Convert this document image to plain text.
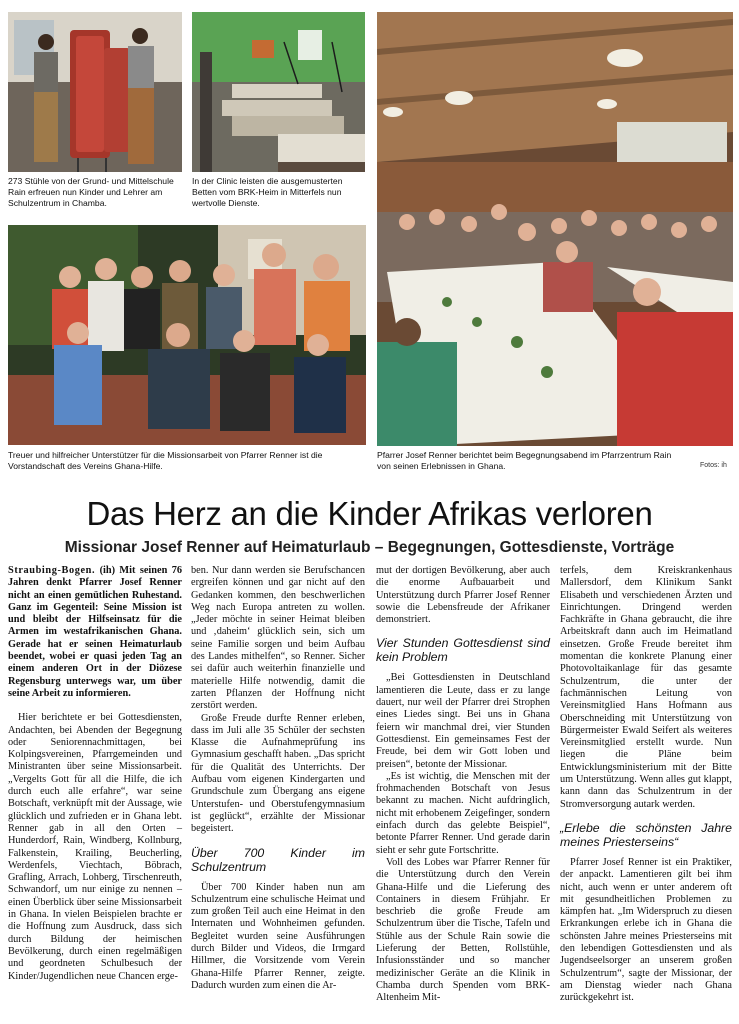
273 Stühle von der Grund- und Mittelschule Rain erfreuen nun Kinder und Lehrer am Schulzentrum in Chamba.
In der Clinic leisten die ausgemusterten Betten vom BRK-Heim in Mitterfels nun wertvolle Dienste.
Treuer und hilfreicher Unterstützer für die Missionsarbeit von Pfarrer Renner ist die Vorstandschaft des Vereins Ghana-Hilfe.
Pfarrer Josef Renner berichtet beim Begegnungsabend im Pfarrzentrum Rain von seinen Erlebnissen in Ghana.	Fotos: ih
Das Herz an die Kinder Afrikas verloren
Missionar Josef Renner auf Heimaturlaub – Begegnungen, Gottesdienste, Vorträge

Straubing-Bogen. (ih) Mit seinen 76 Jahren denkt Pfarrer Josef Renner nicht an einen gemütlichen Ruhestand. Ganz im Gegenteil: Seine Mission ist und bleibt der Hilfseinsatz für die Armen im westafrikanischen Ghana. Gerade hat er seinen Heimaturlaub beendet, wobei er quasi jeden Tag an einem anderen Ort in der Diözese Regensburg unterwegs war, um über seine Arbeit zu informieren.

Hier berichtete er bei Gottesdiensten, Andachten, bei Abenden der Begegnung oder Seniorennachmittagen, bei Kolpingsvereinen, Pfarrgemeinden und Ministranten über seine Missionsarbeit. „Vergelts Gott für all die Hilfe, die ich durch euch alle erfahre“, war seine Botschaft, verknüpft mit der Aussage, wie glücklich und zufrieden er in Ghana lebt. Renner gab in all den Orten – Hunderdorf, Rain, Windberg, Kollnburg, Falkenstein, Krailing, Beucherling, Werdenfels, Viechtach, Böbrach, Grafling, Arrach, Lohberg, Tirschenreuth, Schwandorf, um nur einige zu nennen – einen Überblick über seine Missionsarbeit in Ghana. In vielen Beispielen brachte er die Hoffnung zum Ausdruck, dass sich durch Bildung der heimischen Bevölkerung, durch einen regelmäßigen und geordneten Schulbesuch der Kinder/Jugendlichen neue Chancen erge-

ben. Nur dann werden sie Berufschancen ergreifen können und gar nicht auf den Gedanken kommen, den beschwerlichen Weg nach Europa antreten zu wollen. „Jeder möchte in seiner Heimat bleiben und ‚daheim‘ glücklich sein, sich um seine Familie sorgen und beim Aufbau des Landes mithelfen“, so Renner. Sicher sei dafür auch weiterhin finanzielle und materielle Hilfe notwendig, damit die zarten Pflanzen der Hoffnung nicht zerstört werden.

Große Freude durfte Renner erleben, dass im Juli alle 35 Schüler der sechsten Klasse die Aufnahmeprüfung ins Gymnasium geschafft haben. „Das spricht für die Qualität des Unterrichts. Der Aufbau vom eigenen Kindergarten und Grundschule zum Übergang ans eigene Unterstufen- und Oberstufengymnasium ist geglückt“, erzählte der Missionar begeistert.

Über 700 Kinder im Schulzentrum

Über 700 Kinder haben nun am Schulzentrum eine schulische Heimat und zum großen Teil auch eine Heimat in den Internaten und Wohnheimen gefunden. Begleitet wurden seine Ausführungen durch Bilder und Videos, die Irmgard Hillmer, die Vorsitzende vom Verein Ghana-Hilfe Pfarrer Renner, zeigte. Dadurch wurden zum einen die Ar-

mut der dortigen Bevölkerung, aber auch die enorme Aufbauarbeit und Unterstützung durch Pfarrer Josef Renner sowie die Lebensfreude der Afrikaner demonstriert.

Vier Stunden Gottesdienst sind kein Problem

„Bei Gottesdiensten in Deutschland lamentieren die Leute, dass er zu lange dauert, nur weil der Pfarrer drei Strophen eines Liedes singt. Bei uns in Ghana feiern wir manchmal drei, vier Stunden Gottesdienst. Ein gemeinsames Fest der Freude, bei dem wir Gott loben und preisen“, betonte der Missionar.

„Es ist wichtig, die Menschen mit der frohmachenden Botschaft von Jesus bekannt zu machen. Nicht aufdringlich, nicht mit erhobenem Zeigefinger, sondern einfach durch das gelebte Beispiel“, betonte Pfarrer Renner. Und gerade darin sieht er sehr gute Fortschritte.

Voll des Lobes war Pfarrer Renner für die Unterstützung durch den Verein Ghana-Hilfe und die Lieferung des Containers in diesem Frühjahr. Er beschrieb die große Freude am Schulzentrum über die Tische, Tafeln und Stühle aus der Schule Rain sowie die Lieferung der Betten, Rollstühle, Infusionsständer und so mancher medizinischer Geräte an die Klinik in Chamba durch Spenden vom BRK-Altenheim Mit-

terfels, dem Kreiskrankenhaus Mallersdorf, dem Klinikum Sankt Elisabeth und verschiedenen Ärzten und Einrichtungen. Dringend werden Fachkräfte in Ghana gebraucht, die ihre Arbeitskraft dann auch im Heimatland einsetzen. Große Freude bereitet ihm momentan die konkrete Planung einer Photovoltaikanlage für das gesamte Schulzentrum, die unter der fachmännischen Leitung von Vereinsmitglied Hans Hofmann aus Oberschneiding mit Unterstützung von Bürgermeister Ewald Seifert als weiteres Vereinsmitglied erstellt wurde. Nun liegen die Pläne beim Entwicklungsministerium mit der Bitte um Unterstützung. Wenn alles gut klappt, kann dann das Schulzentrum in der Stromversorgung autark werden.

„Erlebe die schönsten Jahre meines Priesterseins“

Pfarrer Josef Renner ist ein Praktiker, der anpackt. Lamentieren gilt bei ihm nicht, auch wenn er unter anderem oft mit gesundheitlichen Problemen zu kämpfen hat. „Im Widerspruch zu diesen Erkrankungen erlebe ich in Ghana die schönsten Jahre meines Priesterseins mit den lebendigen Gottesdiensten und als Jugendseelsorger an unserem großen Schulzentrum“, sagte der Missionar, der am Dienstag wieder nach Ghana zurückgekehrt ist.
